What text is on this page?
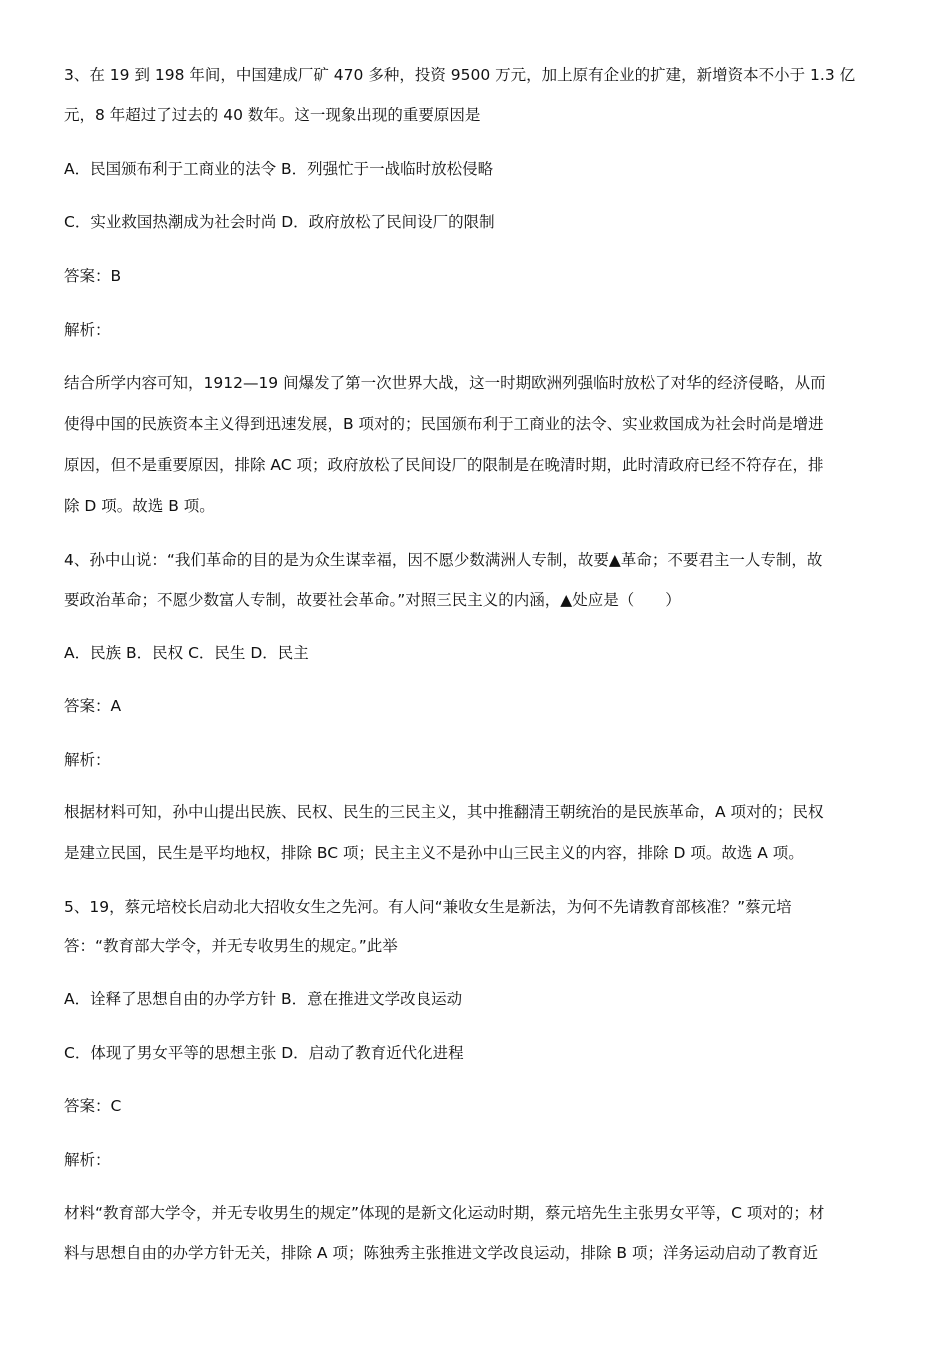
3、在 19 到 198 年间，中国建成厂矿 470 多种，投资 9500 万元，加上原有企业的扩建，新增资本不小于 1.3 亿
元，8 年超过了过去的 40 数年。这一现象出现的重要原因是
A．民国颁布利于工商业的法令 B．列强忙于一战临时放松侵略
C．实业救国热潮成为社会时尚 D．政府放松了民间设厂的限制
答案：B
解析：
结合所学内容可知，1912—19 间爆发了第一次世界大战，这一时期欧洲列强临时放松了对华的经济侵略，从而
使得中国的民族资本主义得到迅速发展，B 项对的；民国颁布利于工商业的法令、实业救国成为社会时尚是增进
原因，但不是重要原因，排除 AC 项；政府放松了民间设厂的限制是在晚清时期，此时清政府已经不符存在，排
除 D 项。故选 B 项。
4、孙中山说：“我们革命的目的是为众生谋幸福，因不愿少数满洲人专制，故要▲革命；不要君主一人专制，故
要政治革命；不愿少数富人专制，故要社会革命。”对照三民主义的内涵，▲处应是（　　）
A．民族 B．民权 C．民生 D．民主
答案：A
解析：
根据材料可知，孙中山提出民族、民权、民生的三民主义，其中推翻清王朝统治的是民族革命，A 项对的；民权
是建立民国，民生是平均地权，排除 BC 项；民主主义不是孙中山三民主义的内容，排除 D 项。故选 A 项。
5、19，蔡元培校长启动北大招收女生之先河。有人问“兼收女生是新法，为何不先请教育部核准？”蔡元培
答：“教育部大学令，并无专收男生的规定。”此举
A．诠释了思想自由的办学方针 B．意在推进文学改良运动
C．体现了男女平等的思想主张 D．启动了教育近代化进程
答案：C
解析：
材料“教育部大学令，并无专收男生的规定”体现的是新文化运动时期，蔡元培先生主张男女平等，C 项对的；材
料与思想自由的办学方针无关，排除 A 项；陈独秀主张推进文学改良运动，排除 B 项；洋务运动启动了教育近
